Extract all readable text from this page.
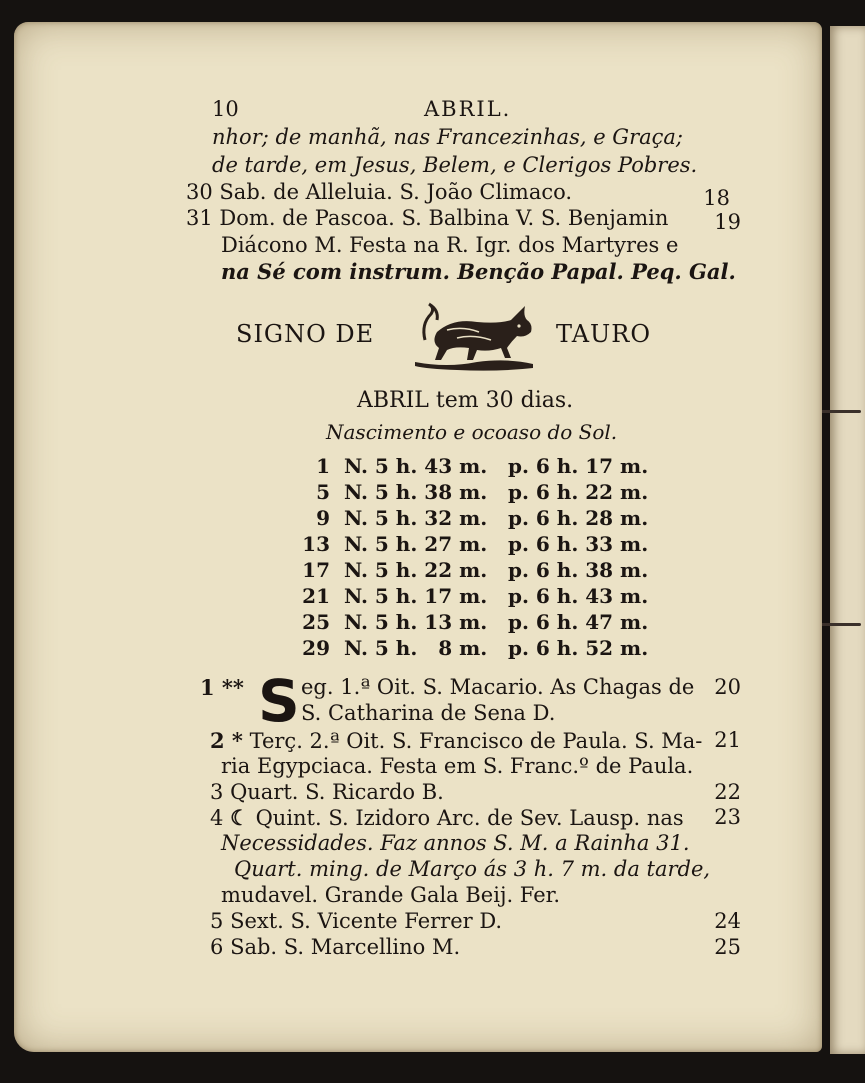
10	ABRIL.
nhor; de manhã, nas Francezinhas, e Graça;
de tarde, em Jesus, Belem, e Clerigos Pobres.
30 Sab. de Alleluia. S. João Climaco.	18
31 Dom. de Pascoa. S. Balbina V. S. Benjamin 19
Diácono M. Festa na R. Igr. dos Martyres e
na Sé com instrum. Benção Papal. Peq. Gal.
SIGNO DE	TAURO
ABRIL tem 30 dias.
Nascimento e ocoaso do Sol.
1 N. 5 h. 43 m. p. 6 h. 17 m.
5 N. 5 h. 38 m. p. 6 h. 22 m.
9 N. 5 h. 32 m. p. 6 h. 28 m.
13 N. 5 h. 27 m. p. 6 h. 33 m.
17 N. 5 h. 22 m. p. 6 h. 38 m.
21 N. 5 h. 17 m. p. 6 h. 43 m.
25 N. 5 h. 13 m. p. 6 h. 47 m.
29 N. 5 h.   8 m. p. 6 h. 52 m.
1 ** S eg. 1.ª Oit. S. Macario. As Chagas de 20
S. Catharina de Sena D.
2 * Terç. 2.ª Oit. S. Francisco de Paula. S. Ma- 21
ria Egypciaca. Festa em S. Franc.º de Paula.
3 Quart. S. Ricardo B.	22
4 ☾ Quint. S. Izidoro Arc. de Sev. Lausp. nas 23
Necessidades. Faz annos S. M. a Rainha 31.
Quart. ming. de Março ás 3 h. 7 m. da tarde,
mudavel. Grande Gala Beij. Fer.
5 Sext. S. Vicente Ferrer D.	24
6 Sab. S. Marcellino M.	25
